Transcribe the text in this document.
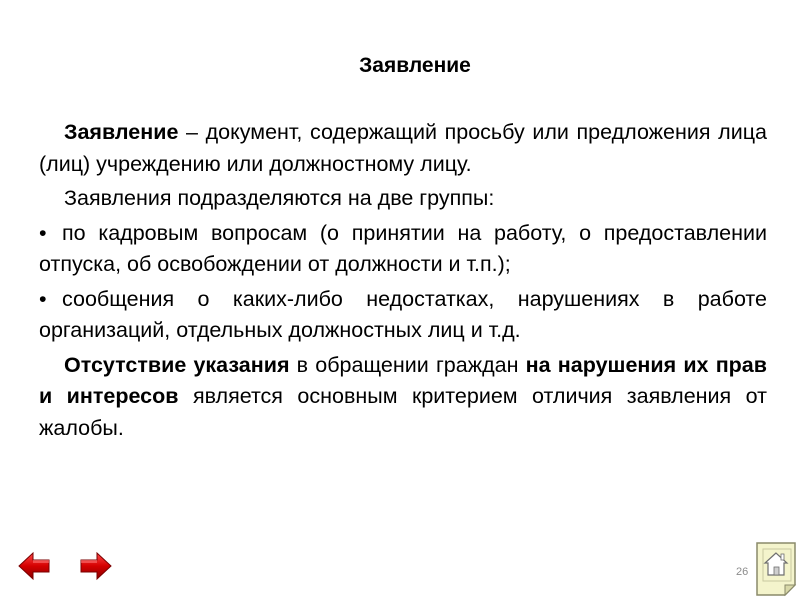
Заявление

Заявление – документ, содержащий просьбу или предложения лица (лиц) учреждению или должностному лицу.

Заявления подразделяются на две группы:

• по кадровым вопросам (о принятии на работу, о предоставлении отпуска, об освобождении от должности и т.п.);

• сообщения о каких-либо недостатках, нарушениях в работе организаций, отдельных должностных лиц и т.д.

Отсутствие указания в обращении граждан на нарушения их прав и интересов является основным критерием отличия заявления от жалобы.

26
